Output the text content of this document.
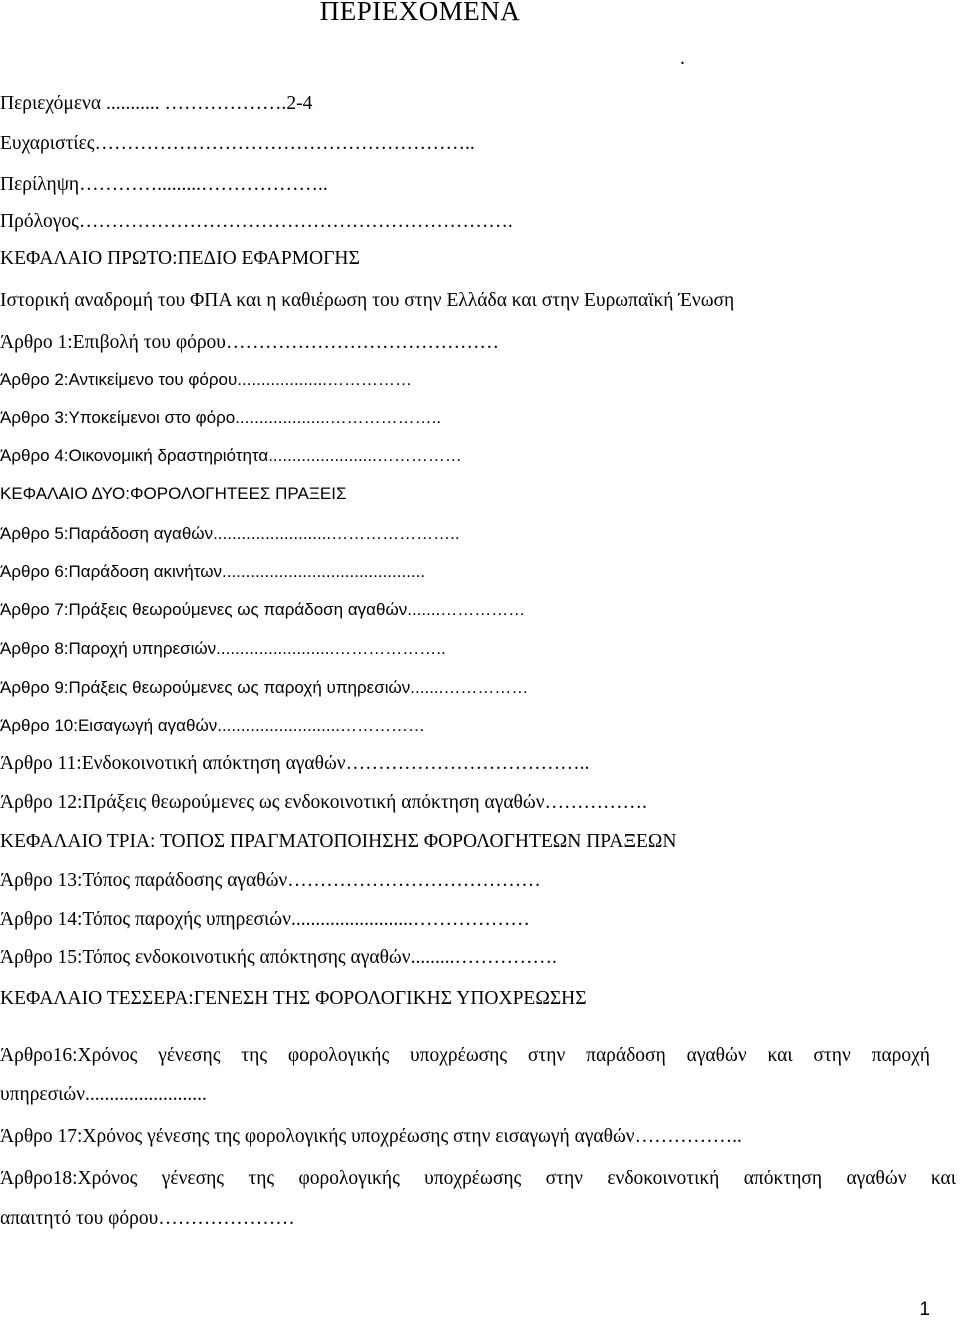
ΠΕΡΙΕΧΟΜΕΝΑ
.
Περιεχόμενα ........... ……………….2-4
Ευχαριστίες…………………………………………………..
Περίληψη………….........………………..
Πρόλογος………………………………………………………….
ΚΕΦΑΛΑΙΟ ΠΡΩΤΟ:ΠΕΔΙΟ ΕΦΑΡΜΟΓΗΣ
Ιστορική αναδρομή του ΦΠΑ και η καθιέρωση του στην Ελλάδα και στην Ευρωπαϊκή Ένωση
Άρθρο 1:Επιβολή του φόρου……………………………………
Άρθρο 2:Αντικείμενο του φόρου...................……………
Άρθρο 3:Υποκείμενοι στο φόρο....................………………..
Άρθρο 4:Οικονομική δραστηριότητα.......................……………
ΚΕΦΑΛΑΙΟ ΔΥΟ:ΦΟΡΟΛΟΓΗΤΕΕΣ ΠΡΑΞΕΙΣ
Άρθρο 5:Παράδοση αγαθών.........................…………………..
Άρθρο 6:Παράδοση ακινήτων...........................................
Άρθρο 7:Πράξεις θεωρούμενες ως παράδοση αγαθών.......……………
Άρθρο 8:Παροχή υπηρεσιών.........................………………..
Άρθρο 9:Πράξεις θεωρούμενες ως παροχή υπηρεσιών.......……………
Άρθρο 10:Εισαγωγή αγαθών..........................……………
Άρθρο 11:Ενδοκοινοτική απόκτηση αγαθών………………………………..
Άρθρο 12:Πράξεις θεωρούμενες ως ενδοκοινοτική απόκτηση αγαθών…………….
ΚΕΦΑΛΑΙΟ ΤΡΙΑ: ΤΟΠΟΣ ΠΡΑΓΜΑΤΟΠΟΙΗΣΗΣ ΦΟΡΟΛΟΓΗΤΕΩΝ ΠΡΑΞΕΩΝ
Άρθρο 13:Τόπος παράδοσης αγαθών…………………………………
Άρθρο 14:Τόπος παροχής υπηρεσιών.........................………………
Άρθρο 15:Τόπος ενδοκοινοτικής απόκτησης αγαθών.........…………….
ΚΕΦΑΛΑΙΟ ΤΕΣΣΕΡΑ:ΓΕΝΕΣΗ ΤΗΣ ΦΟΡΟΛΟΓΙΚΗΣ ΥΠΟΧΡΕΩΣΗΣ
Άρθρο16:Χρόνος γένεσης της φορολογικής υποχρέωσης στην παράδοση αγαθών και στην παροχή
υπηρεσιών.........................
Άρθρο 17:Χρόνος γένεσης της φορολογικής υποχρέωσης στην εισαγωγή αγαθών……………..
Άρθρο18:Χρόνος γένεσης της φορολογικής υποχρέωσης στην ενδοκοινοτική απόκτηση αγαθών και
απαιτητό του φόρου…………………
1
